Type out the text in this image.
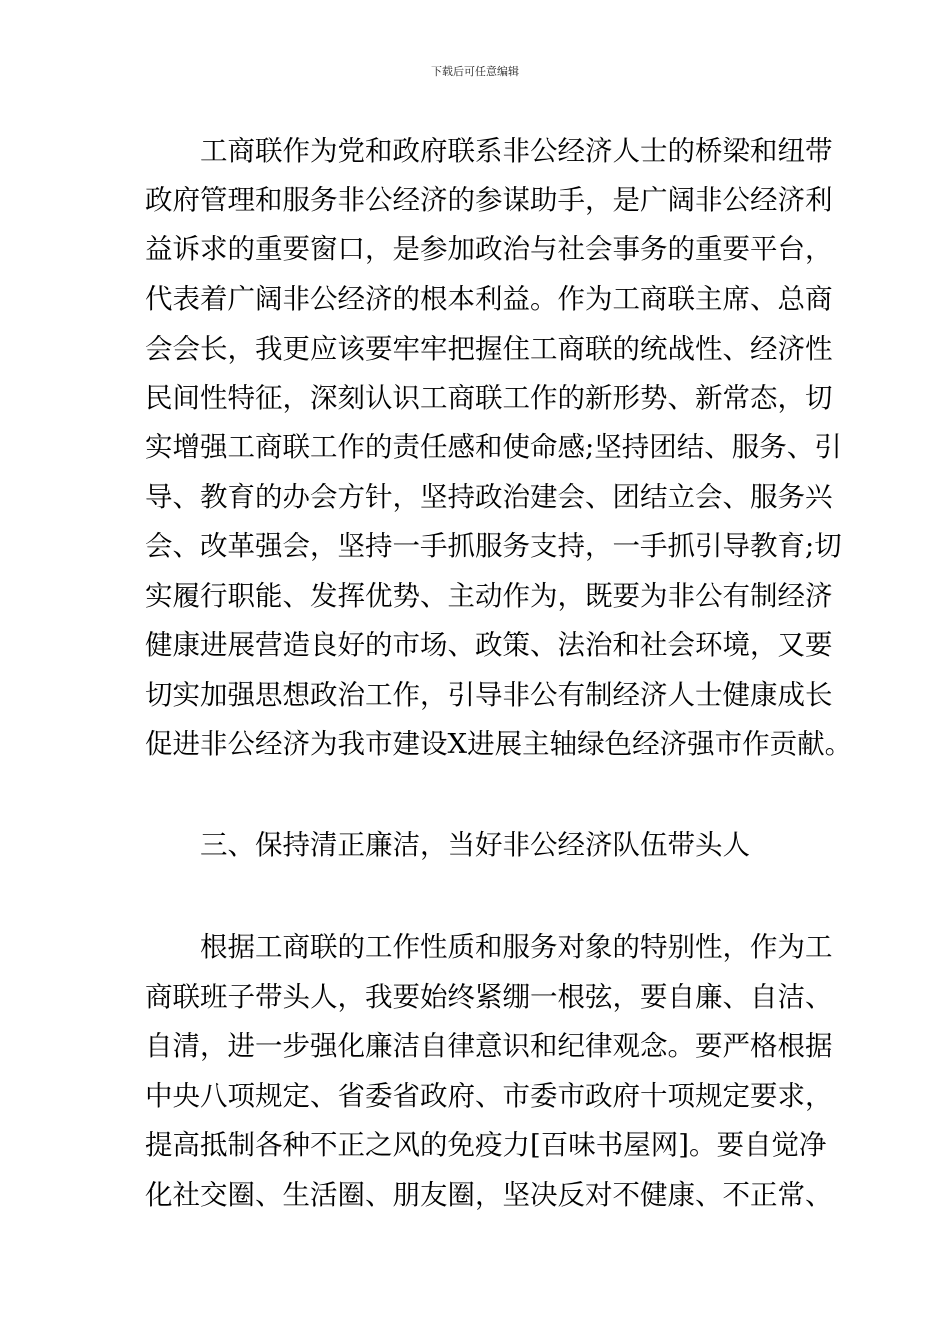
下载后可任意编辑
　　工商联作为党和政府联系非公经济人士的桥梁和纽带
政府管理和服务非公经济的参谋助手，是广阔非公经济利
益诉求的重要窗口，是参加政治与社会事务的重要平台，
代表着广阔非公经济的根本利益。作为工商联主席、总商
会会长，我更应该要牢牢把握住工商联的统战性、经济性
民间性特征，深刻认识工商联工作的新形势、新常态，切
实增强工商联工作的责任感和使命感;坚持团结、服务、引
导、教育的办会方针，坚持政治建会、团结立会、服务兴
会、改革强会，坚持一手抓服务支持，一手抓引导教育;切
实履行职能、发挥优势、主动作为，既要为非公有制经济
健康进展营造良好的市场、政策、法治和社会环境，又要
切实加强思想政治工作，引导非公有制经济人士健康成长
促进非公经济为我市建设X进展主轴绿色经济强市作贡献。
　　三、保持清正廉洁，当好非公经济队伍带头人
　　根据工商联的工作性质和服务对象的特别性，作为工
商联班子带头人，我要始终紧绷一根弦，要自廉、自洁、
自清，进一步强化廉洁自律意识和纪律观念。要严格根据
中央八项规定、省委省政府、市委市政府十项规定要求，
提高抵制各种不正之风的免疫力[百味书屋网]。要自觉净
化社交圈、生活圈、朋友圈，坚决反对不健康、不正常、
